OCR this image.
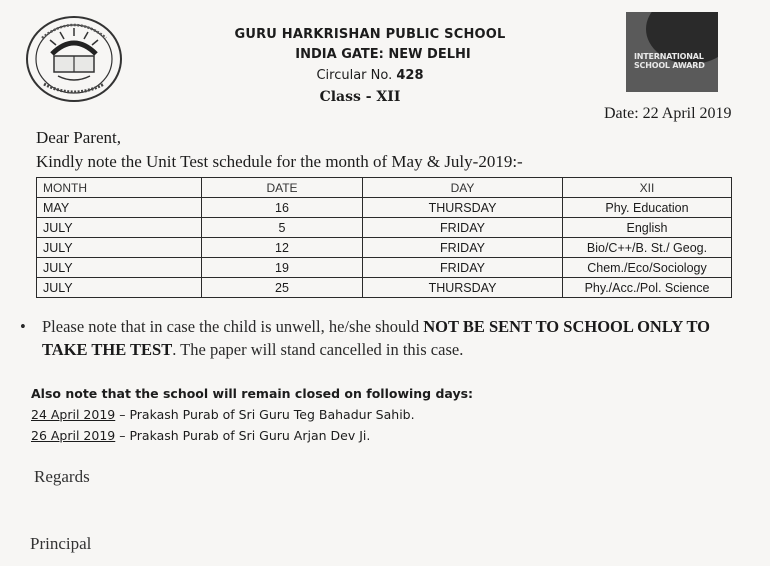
INTERNATIONAL SCHOOL AWARD
GURU HARKRISHAN PUBLIC SCHOOL
INDIA GATE: NEW DELHI
Circular No. 428
Class - XII
Date: 22 April 2019
Dear Parent,
Kindly note the Unit Test schedule for the month of May & July-2019:-
MONTH	DATE	DAY	XII
MAY	16	THURSDAY	Phy. Education
JULY	5	FRIDAY	English
JULY	12	FRIDAY	Bio/C++/B. St./ Geog.
JULY	19	FRIDAY	Chem./Eco/Sociology
JULY	25	THURSDAY	Phy./Acc./Pol. Science
• Please note that in case the child is unwell, he/she should NOT BE SENT TO SCHOOL ONLY TO TAKE THE TEST. The paper will stand cancelled in this case.
Also note that the school will remain closed on following days:
24 April 2019 – Prakash Purab of Sri Guru Teg Bahadur Sahib.
26 April 2019 – Prakash Purab of Sri Guru Arjan Dev Ji.
Regards
Principal
